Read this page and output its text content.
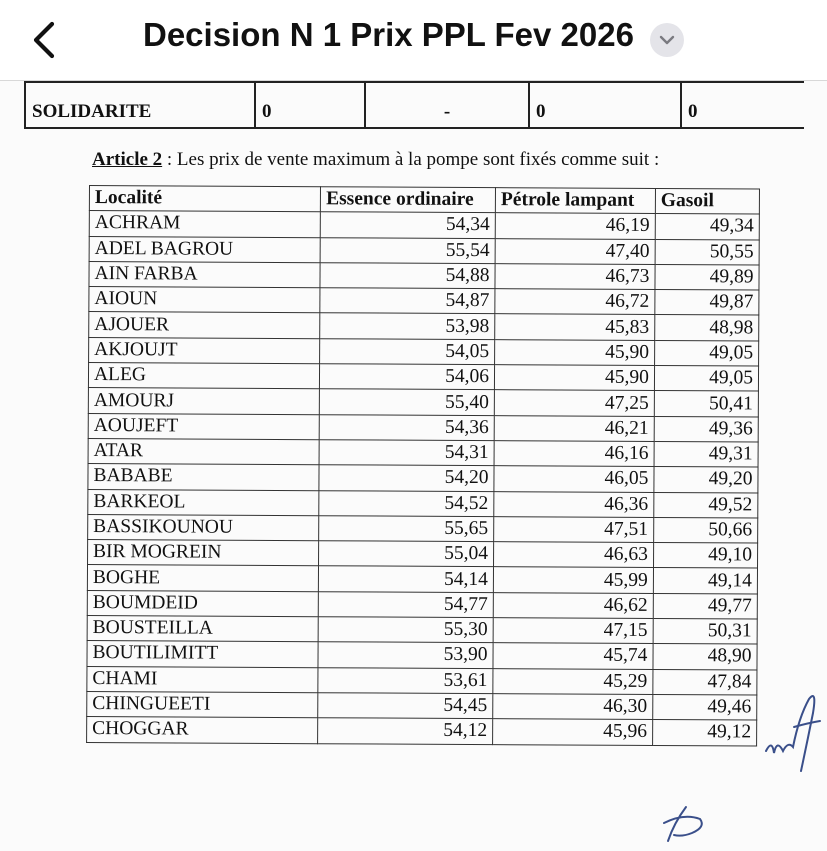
Decision N 1 Prix PPL Fev 2026
SOLIDARITE	0	-	0	0
Article 2 : Les prix de vente maximum à la pompe sont fixés comme suit :
Localité	Essence ordinaire	Pétrole lampant	Gasoil
ACHRAM	54,34	46,19	49,34
ADEL BAGROU	55,54	47,40	50,55
AIN FARBA	54,88	46,73	49,89
AIOUN	54,87	46,72	49,87
AJOUER	53,98	45,83	48,98
AKJOUJT	54,05	45,90	49,05
ALEG	54,06	45,90	49,05
AMOURJ	55,40	47,25	50,41
AOUJEFT	54,36	46,21	49,36
ATAR	54,31	46,16	49,31
BABABE	54,20	46,05	49,20
BARKEOL	54,52	46,36	49,52
BASSIKOUNOU	55,65	47,51	50,66
BIR MOGREIN	55,04	46,63	49,10
BOGHE	54,14	45,99	49,14
BOUMDEID	54,77	46,62	49,77
BOUSTEILLA	55,30	47,15	50,31
BOUTILIMITT	53,90	45,74	48,90
CHAMI	53,61	45,29	47,84
CHINGUEETI	54,45	46,30	49,46
CHOGGAR	54,12	45,96	49,12
